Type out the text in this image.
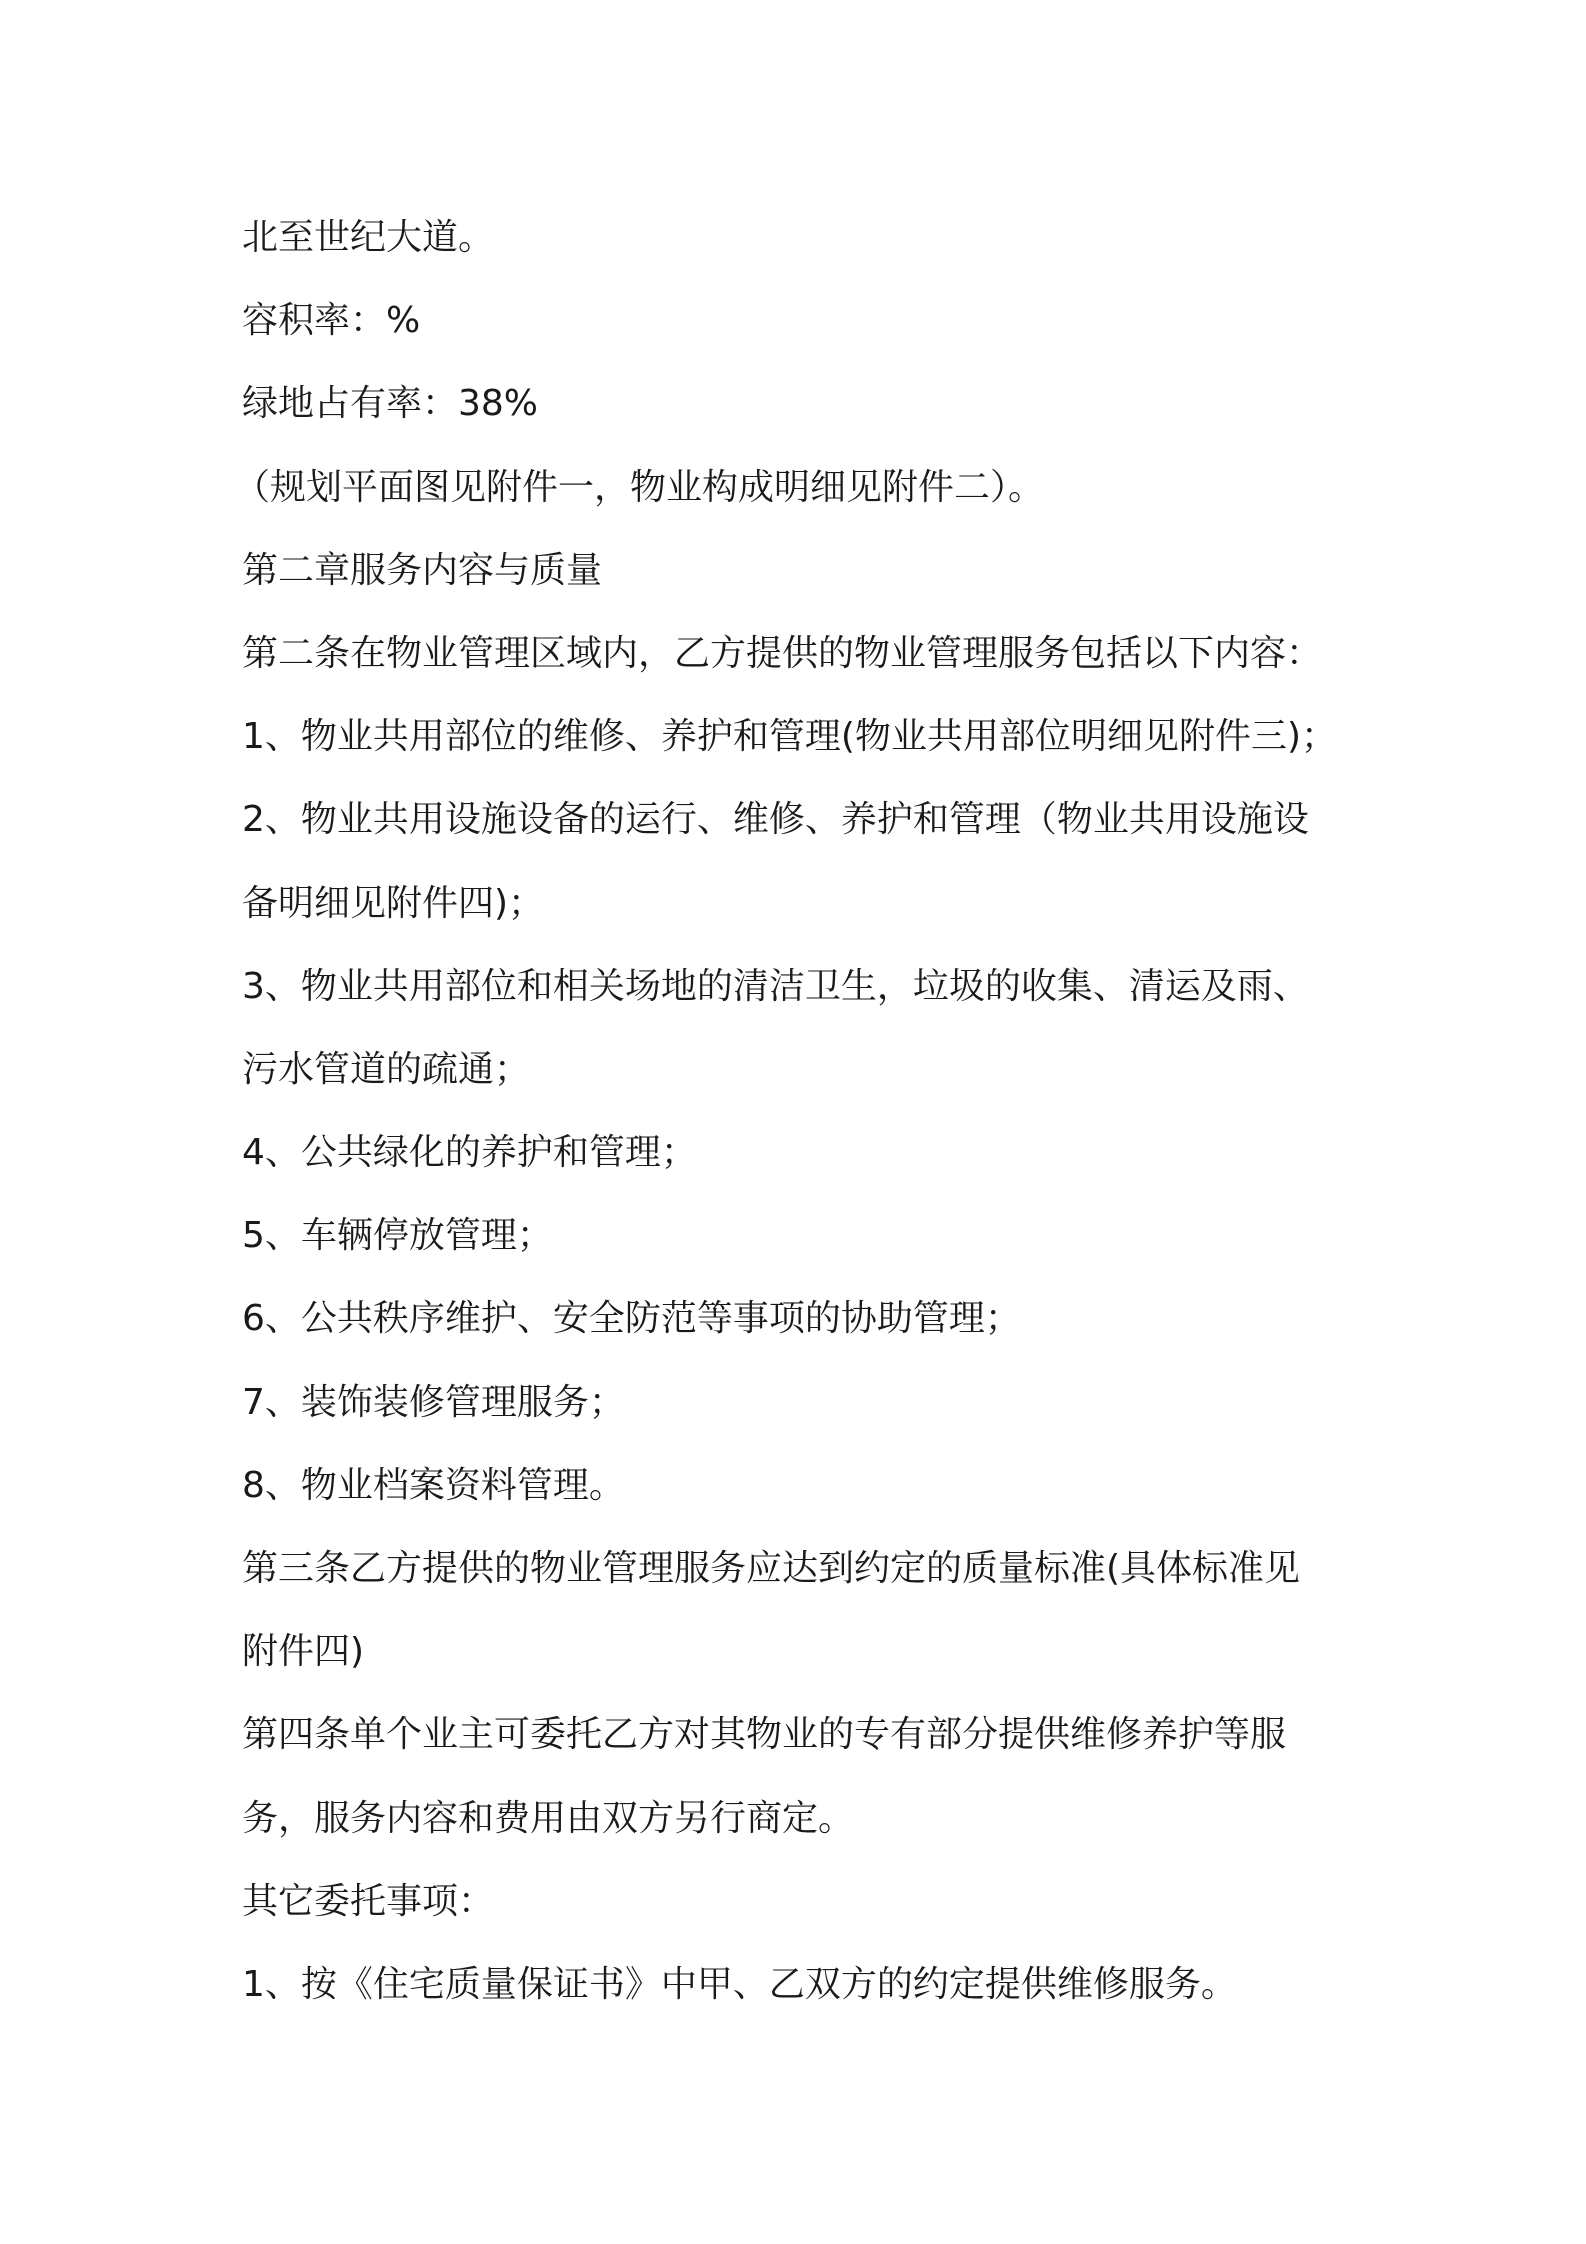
北至世纪大道。
容积率：%
绿地占有率：38%
（规划平面图见附件一，物业构成明细见附件二）。
第二章服务内容与质量
第二条在物业管理区域内，乙方提供的物业管理服务包括以下内容：
1、物业共用部位的维修、养护和管理(物业共用部位明细见附件三)；
2、物业共用设施设备的运行、维修、养护和管理（物业共用设施设
备明细见附件四)；
3、物业共用部位和相关场地的清洁卫生，垃圾的收集、清运及雨、
污水管道的疏通；
4、公共绿化的养护和管理；
5、车辆停放管理；
6、公共秩序维护、安全防范等事项的协助管理；
7、装饰装修管理服务；
8、物业档案资料管理。
第三条乙方提供的物业管理服务应达到约定的质量标准(具体标准见
附件四)
第四条单个业主可委托乙方对其物业的专有部分提供维修养护等服
务，服务内容和费用由双方另行商定。
其它委托事项：
1、按《住宅质量保证书》中甲、乙双方的约定提供维修服务。
